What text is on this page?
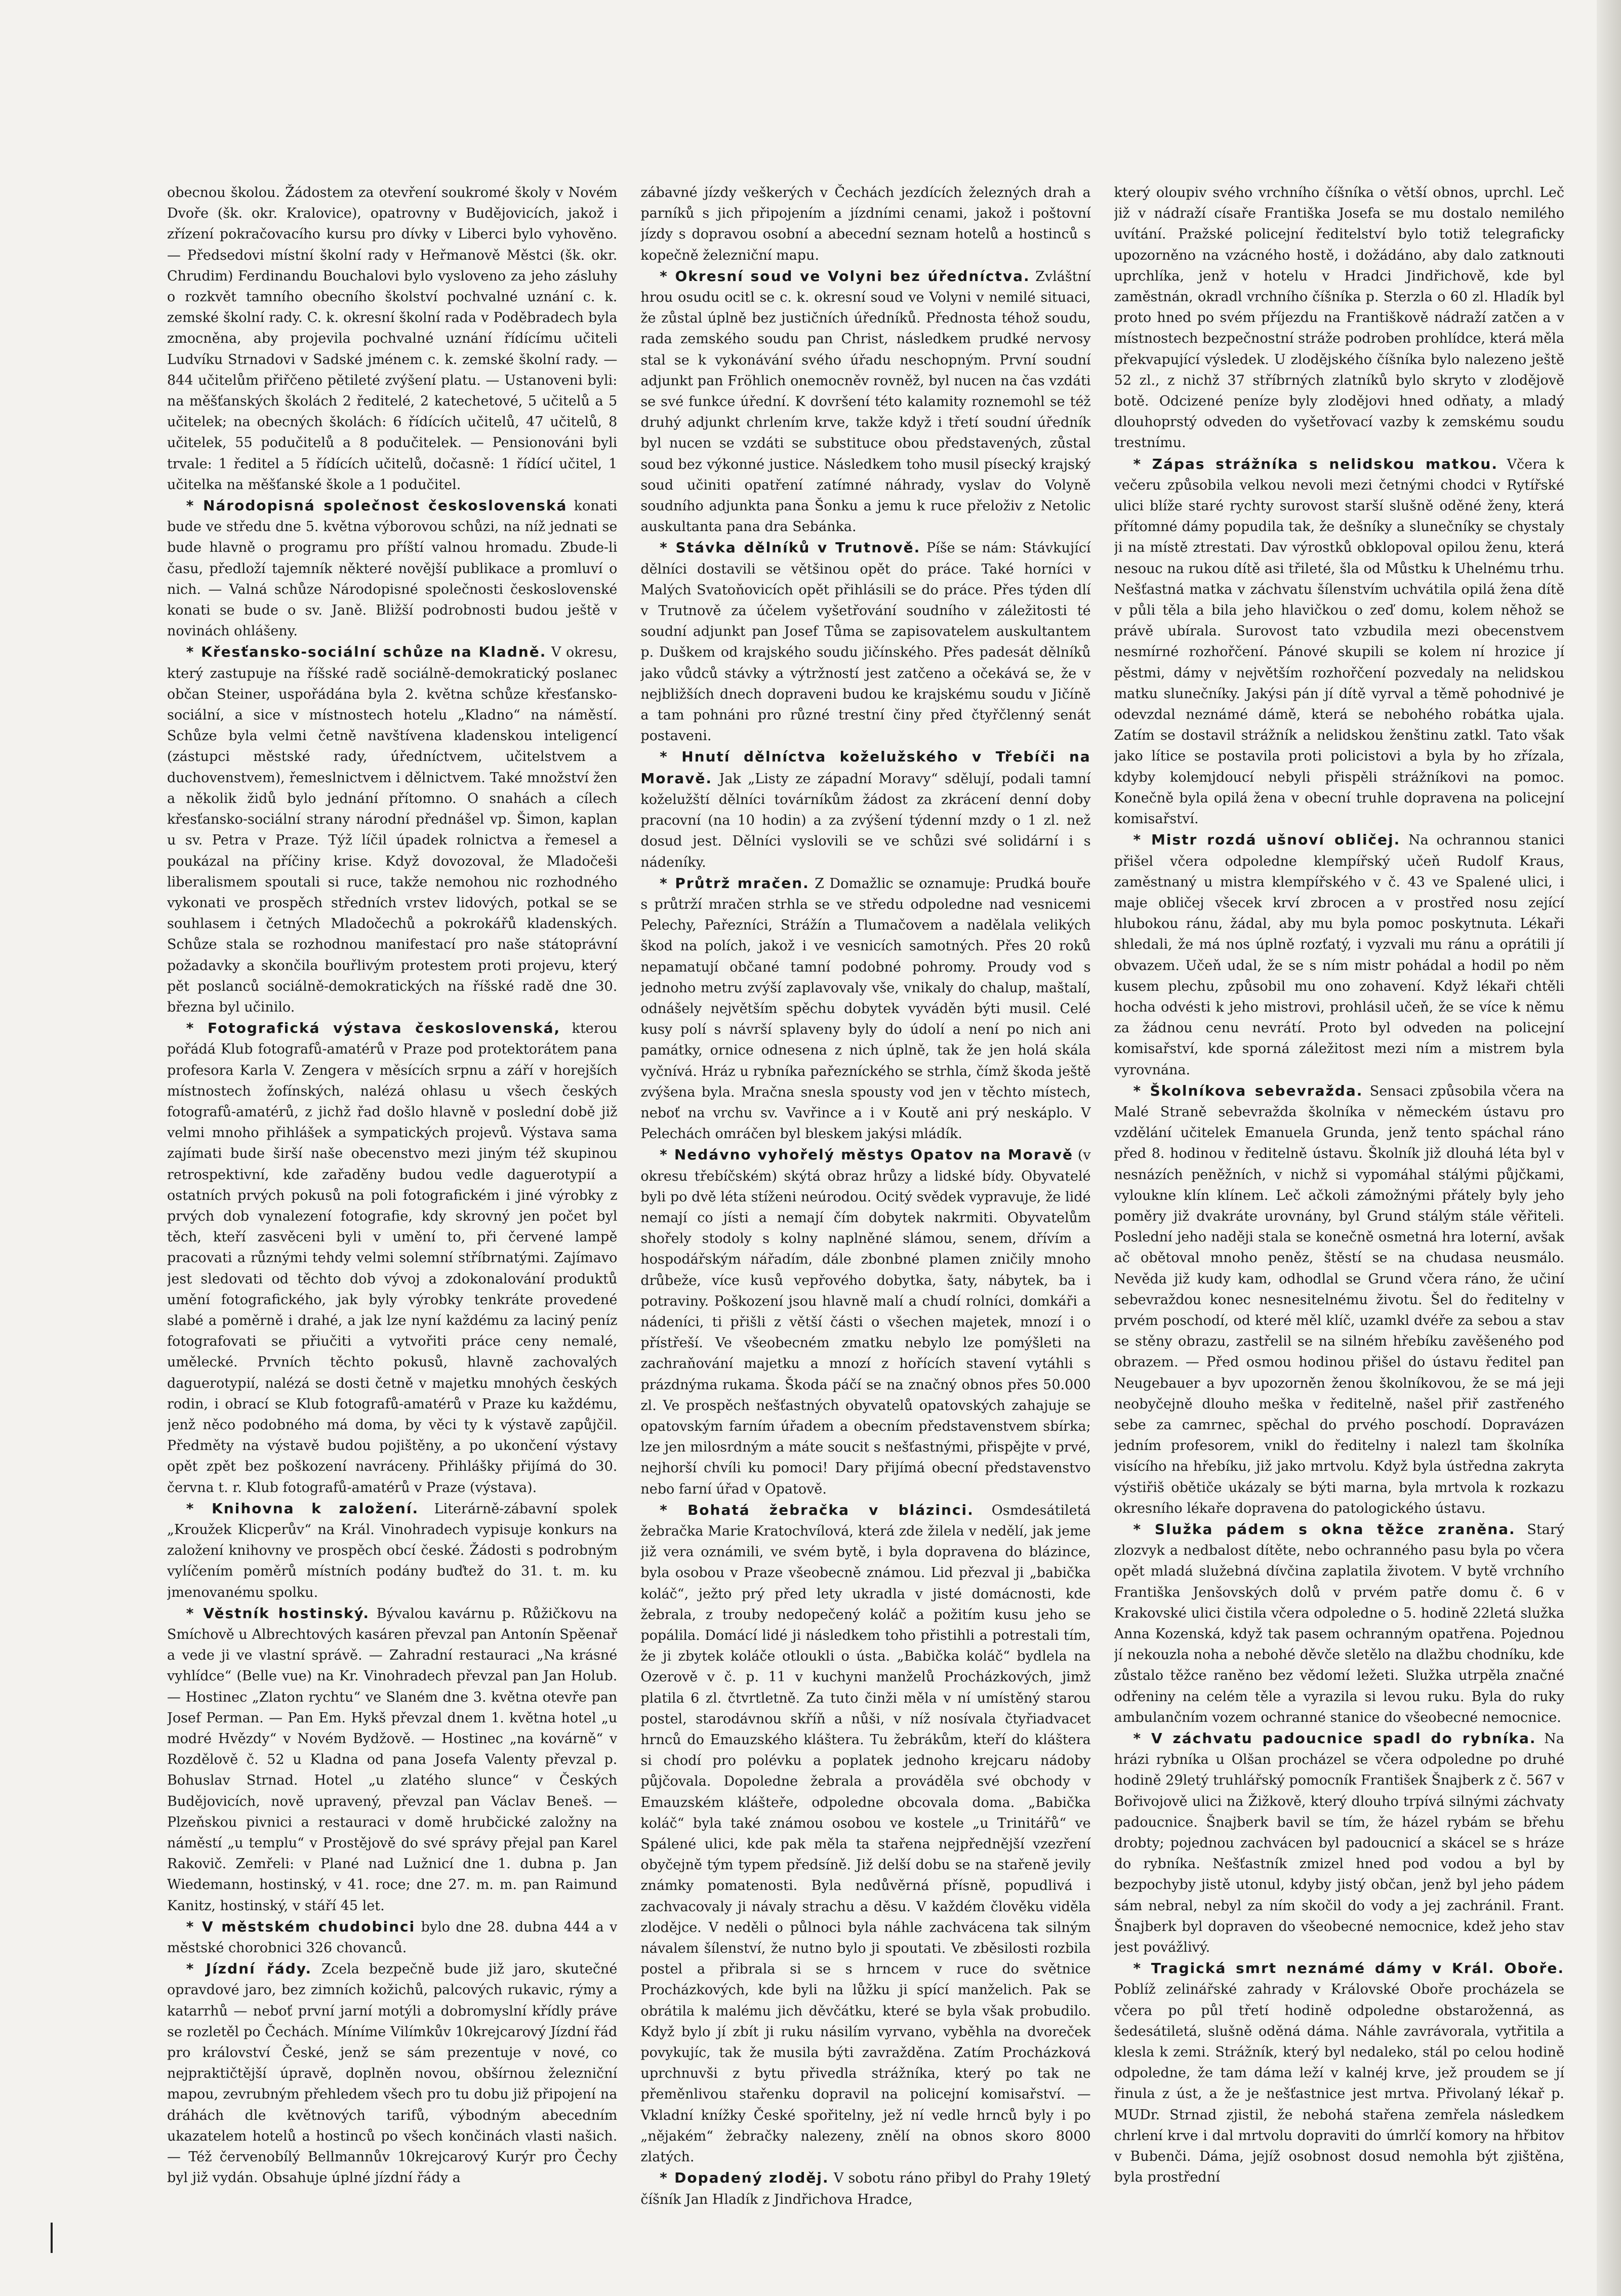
obecnou školou. Žádostem za otevření soukromé školy v Novém Dvoře (šk. okr. Kralovice), opatrovny v Budějovicích, jakož i zřízení pokračovacího kursu pro dívky v Liberci bylo vyhověno. — Předsedovi místní školní rady v Heřmanově Městci (šk. okr. Chrudim) Ferdinandu Bouchalovi bylo vysloveno za jeho zásluhy o rozkvět tamního obecního školství pochvalné uznání c. k. zemské školní rady. C. k. okresní školní rada v Poděbradech byla zmocněna, aby projevila pochvalné uznání řídícímu učiteli Ludvíku Strnadovi v Sadské jménem c. k. zemské školní rady. — 844 učitelům přiřčeno pětileté zvýšení platu. — Ustanoveni byli: na měšťanských školách 2 ředitelé, 2 katechetové, 5 učitelů a 5 učitelek; na obecných školách: 6 řídících učitelů, 47 učitelů, 8 učitelek, 55 podučitelů a 8 podučitelek. — Pensionováni byli trvale: 1 ředitel a 5 řídících učitelů, dočasně: 1 řídící učitel, 1 učitelka na měšťanské škole a 1 podučitel.

* Národopisná společnost československá konati bude ve středu dne 5. května výborovou schůzi, na níž jednati se bude hlavně o programu pro příští valnou hromadu. Zbude-li času, předloží tajemník některé novější publikace a promluví o nich. — Valná schůze Národopisné společnosti československé konati se bude o sv. Janě. Bližší podrobnosti budou ještě v novinách ohlášeny.

* Křesťansko-sociální schůze na Kladně. V okresu, který zastupuje na říšské radě sociálně-demokratický poslanec občan Steiner, uspořádána byla 2. května schůze křesťansko-sociální, a sice v místnostech hotelu „Kladno“ na náměstí. Schůze byla velmi četně navštívena kladenskou inteligencí (zástupci městské rady, úředníctvem, učitelstvem a duchovenstvem), řemeslnictvem i dělnictvem. Také množství žen a několik židů bylo jednání přítomno. O snahách a cílech křesťansko-sociální strany národní přednášel vp. Šimon, kaplan u sv. Petra v Praze. Týž líčil úpadek rolnictva a řemesel a poukázal na příčiny krise. Když dovozoval, že Mladočeši liberalismem spoutali si ruce, takže nemohou nic rozhodného vykonati ve prospěch středních vrstev lidových, potkal se se souhlasem i četných Mladočechů a pokrokářů kladenských. Schůze stala se rozhodnou manifestací pro naše státoprávní požadavky a skončila bouřlivým protestem proti projevu, který pět poslanců sociálně-demokratických na říšské radě dne 30. března byl učinilo.

* Fotografická výstava československá, kterou pořádá Klub fotografů-amatérů v Praze pod protektorátem pana profesora Karla V. Zengera v měsících srpnu a září v horejších místnostech žofínských, nalézá ohlasu u všech českých fotografů-amatérů, z jichž řad došlo hlavně v poslední době již velmi mnoho přihlášek a sympatických projevů. Výstava sama zajímati bude širší naše obecenstvo mezi jiným též skupinou retrospektivní, kde zařaděny budou vedle daguerotypií a ostatních prvých pokusů na poli fotografickém i jiné výrobky z prvých dob vynalezení fotografie, kdy skrovný jen počet byl těch, kteří zasvěceni byli v umění to, při červené lampě pracovati a různými tehdy velmi solemní stříbrnatými. Zajímavo jest sledovati od těchto dob vývoj a zdokonalování produktů umění fotografického, jak byly výrobky tenkráte provedené slabé a poměrně i drahé, a jak lze nyní každému za laciný peníz fotografovati se přiučiti a vytvořiti práce ceny nemalé, umělecké. Prvních těchto pokusů, hlavně zachovalých daguerotypií, nalézá se dosti četně v majetku mnohých českých rodin, i obrací se Klub fotografů-amatérů v Praze ku každému, jenž něco podobného má doma, by věci ty k výstavě zapůjčil. Předměty na výstavě budou pojištěny, a po ukončení výstavy opět zpět bez poškození navráceny. Přihlášky přijímá do 30. června t. r. Klub fotografů-amatérů v Praze (výstava).

* Knihovna k založení. Literárně-zábavní spolek „Kroužek Klicperův“ na Král. Vinohradech vypisuje konkurs na založení knihovny ve prospěch obcí české. Žádosti s podrobným vylíčením poměrů místních podány buďtež do 31. t. m. ku jmenovanému spolku.

* Věstník hostinský. Bývalou kavárnu p. Růžičkovu na Smíchově u Albrechtových kasáren převzal pan Antonín Spěenař a vede ji ve vlastní správě. — Zahradní restauraci „Na krásné vyhlídce“ (Belle vue) na Kr. Vinohradech převzal pan Jan Holub. — Hostinec „Zlaton rychtu“ ve Slaném dne 3. května otevře pan Josef Perman. — Pan Em. Hykš převzal dnem 1. května hotel „u modré Hvězdy“ v Novém Bydžově. — Hostinec „na kovárně“ v Rozdělově č. 52 u Kladna od pana Josefa Valenty převzal p. Bohuslav Strnad. Hotel „u zlatého slunce“ v Českých Budějovicích, nově upravený, převzal pan Václav Beneš. — Plzeňskou pivnici a restauraci v domě hrubčické založny na náměstí „u templu“ v Prostějově do své správy přejal pan Karel Rakovič. Zemřeli: v Plané nad Lužnicí dne 1. dubna p. Jan Wiedemann, hostinský, v 41. roce; dne 27. m. m. pan Raimund Kanitz, hostinský, v stáří 45 let.

* V městském chudobinci bylo dne 28. dubna 444 a v městské chorobnici 326 chovanců.

* Jízdní řády. Zcela bezpečně bude již jaro, skutečné opravdové jaro, bez zimních kožichů, palcových rukavic, rýmy a katarrhů — neboť první jarní motýli a dobromyslní křídly práve se rozletěl po Čechách. Míníme Vilímkův 10krejcarový Jízdní řád pro království České, jenž se sám prezentuje v nové, co nejpraktičtější úpravě, doplněn novou, obšírnou železniční mapou, zevrubným přehledem všech pro tu dobu již připojení na dráhách dle květnových tarifů, výbodným abecedním ukazatelem hotelů a hostinců po všech končinách vlasti našich. — Též červenobílý Bellmannův 10krejcarový Kurýr pro Čechy byl již vydán. Obsahuje úplné jízdní řády a

zábavné jízdy veškerých v Čechách jezdících železných drah a parníků s jich připojením a jízdními cenami, jakož i poštovní jízdy s dopravou osobní a abecední seznam hotelů a hostinců s kopečně železniční mapu.

* Okresní soud ve Volyni bez úředníctva. Zvláštní hrou osudu ocitl se c. k. okresní soud ve Volyni v nemilé situaci, že zůstal úplně bez justičních úředníků. Přednosta téhož soudu, rada zemského soudu pan Christ, následkem prudké nervosy stal se k vykonávání svého úřadu neschopným. První soudní adjunkt pan Fröhlich onemocněv rovněž, byl nucen na čas vzdáti se své funkce úřední. K dovršení této kalamity roznemohl se též druhý adjunkt chrlením krve, takže když i třetí soudní úředník byl nucen se vzdáti se substituce obou představených, zůstal soud bez výkonné justice. Následkem toho musil písecký krajský soud učiniti opatření zatímné náhrady, vyslav do Volyně soudního adjunkta pana Šonku a jemu k ruce přeloživ z Netolic auskultanta pana dra Sebánka.

* Stávka dělníků v Trutnově. Píše se nám: Stávkující dělníci dostavili se většinou opět do práce. Také horníci v Malých Svatoňovicích opět přihlásili se do práce. Přes týden dlí v Trutnově za účelem vyšetřování soudního v záležitosti té soudní adjunkt pan Josef Tůma se zapisovatelem auskultantem p. Duškem od krajského soudu jičínského. Přes padesát dělníků jako vůdců stávky a výtržností jest zatčeno a očekává se, že v nejbližších dnech dopraveni budou ke krajskému soudu v Jičíně a tam pohnáni pro různé trestní činy před čtyřčlenný senát postaveni.

* Hnutí dělníctva koželužského v Třebíči na Moravě. Jak „Listy ze západní Moravy“ sdělují, podali tamní koželužští dělníci továrníkům žádost za zkrácení denní doby pracovní (na 10 hodin) a za zvýšení týdenní mzdy o 1 zl. než dosud jest. Dělníci vyslovili se ve schůzi své solidární i s nádeníky.

* Průtrž mračen. Z Domažlic se oznamuje: Prudká bouře s průtrží mračen strhla se ve středu odpoledne nad vesnicemi Pelechy, Pařezníci, Strážín a Tlumačovem a nadělala velikých škod na polích, jakož i ve vesnicích samotných. Přes 20 roků nepamatují občané tamní podobné pohromy. Proudy vod s jednoho metru zvýší zaplavovaly vše, vnikaly do chalup, maštalí, odnášely největším spěchu dobytek vyváděn býti musil. Celé kusy polí s návrší splaveny byly do údolí a není po nich ani památky, ornice odnesena z nich úplně, tak že jen holá skála vyčnívá. Hráz u rybníka pařezníckého se strhla, čímž škoda ještě zvýšena byla. Mračna snesla spousty vod jen v těchto místech, neboť na vrchu sv. Vavřince a i v Koutě ani prý neskáplo. V Pelechách omráčen byl bleskem jakýsi mládík.

* Nedávno vyhořelý městys Opatov na Moravě (v okresu třebíčském) skýtá obraz hrůzy a lidské bídy. Obyvatelé byli po dvě léta stíženi neúrodou. Ocitý svědek vypravuje, že lidé nemají co jísti a nemají čím dobytek nakrmiti. Obyvatelům shořely stodoly s kolny naplněné slámou, senem, dřívím a hospodářským nářadím, dále zbonbné plamen zničily mnoho drůbeže, více kusů vepřového dobytka, šaty, nábytek, ba i potraviny. Poškození jsou hlavně malí a chudí rolníci, domkáři a nádeníci, ti přišli z větší části o všechen majetek, mnozí i o přístřeší. Ve všeobecném zmatku nebylo lze pomýšleti na zachraňování majetku a mnozí z hořících stavení vytáhli s prázdnýma rukama. Škoda páčí se na značný obnos přes 50.000 zl. Ve prospěch nešťastných obyvatelů opatovských zahajuje se opatovským farním úřadem a obecním představenstvem sbírka; lze jen milosrdným a máte soucit s nešťastnými, přispějte v prvé, nejhorší chvíli ku pomoci! Dary přijímá obecní představenstvo nebo farní úřad v Opatově.

* Bohatá žebračka v blázinci. Osmdesátiletá žebračka Marie Kratochvílová, která zde žilela v nedělí, jak jeme již vera oznámili, ve svém bytě, i byla dopravena do blázince, byla osobou v Praze všeobecně známou. Lid přezval ji „babička koláč“, ježto prý před lety ukradla v jisté domácnosti, kde žebrala, z trouby nedopečený koláč a požitím kusu jeho se popálila. Domácí lidé ji následkem toho přistihli a potrestali tím, že ji zbytek koláče otloukli o ústa. „Babička koláč“ bydlela na Ozerově v č. p. 11 v kuchyni manželů Procházkových, jimž platila 6 zl. čtvrtletně. Za tuto činži měla v ní umístěný starou postel, starodávnou skříň a nůši, v níž nosívala čtyřiadvacet hrnců do Emauzského kláštera. Tu žebrákům, kteří do kláštera si chodí pro polévku a poplatek jednoho krejcaru nádoby půjčovala. Dopoledne žebrala a prováděla své obchody v Emauzském klášteře, odpoledne obcovala doma. „Babička koláč“ byla také známou osobou ve kostele „u Trinitářů“ ve Spálené ulici, kde pak měla ta stařena nejpřednější vzezření obyčejně tým typem předsíně. Již delší dobu se na stařeně jevily známky pomatenosti. Byla nedůvěrná přísně, popudlivá i zachvacovaly ji návaly strachu a děsu. V každém člověku viděla zlodějce. V neděli o půlnoci byla náhle zachvácena tak silným návalem šílenství, že nutno bylo ji spoutati. Ve zběsilosti rozbila postel a přibrala si se s hrncem v ruce do světnice Procházkových, kde byli na lůžku ji spící manželich. Pak se obrátila k malému jich děvčátku, které se byla však probudilo. Když bylo jí zbít ji ruku násilím vyrvano, vyběhla na dvoreček povykujíc, tak že musila býti zavražděna. Zatím Procházková uprchnuvši z bytu přivedla strážníka, který po tak ne přeměnlivou stařenku dopravil na policejní komisařství. — Vkladní knížky České spořitelny, jež ní vedle hrnců byly i po „nějakém“ žebračky nalezeny, znělí na obnos skoro 8000 zlatých.

* Dopadený zloděj. V sobotu ráno přibyl do Prahy 19letý číšník Jan Hladík z Jindřichova Hradce,

který oloupiv svého vrchního číšníka o větší obnos, uprchl. Leč již v nádraží císaře Františka Josefa se mu dostalo nemilého uvítání. Pražské policejní ředitelství bylo totiž telegraficky upozorněno na vzácného hostě, i dožádáno, aby dalo zatknouti uprchlíka, jenž v hotelu v Hradci Jindřichově, kde byl zaměstnán, okradl vrchního číšníka p. Sterzla o 60 zl. Hladík byl proto hned po svém příjezdu na Františkově nádraží zatčen a v místnostech bezpečnostní stráže podroben prohlídce, která měla překvapující výsledek. U zlodějského číšníka bylo nalezeno ještě 52 zl., z nichž 37 stříbrných zlatníků bylo skryto v zlodějově botě. Odcizené peníze byly zlodějovi hned odňaty, a mladý dlouhoprstý odveden do vyšetřovací vazby k zemskému soudu trestnímu.

* Zápas strážníka s nelidskou matkou. Včera k večeru způsobila velkou nevoli mezi četnými chodci v Rytířské ulici blíže staré rychty surovost starší slušně oděné ženy, která přítomné dámy popudila tak, že dešníky a slunečníky se chystaly ji na místě ztrestati. Dav výrostků obklopoval opilou ženu, která nesouc na rukou dítě asi třileté, šla od Můstku k Uhelnému trhu. Nešťastná matka v záchvatu šílenstvím uchvátila opilá žena dítě v půli těla a bila jeho hlavičkou o zeď domu, kolem něhož se právě ubírala. Surovost tato vzbudila mezi obecenstvem nesmírné rozhořčení. Pánové skupili se kolem ní hrozice jí pěstmi, dámy v největším rozhořčení pozvedaly na nelidskou matku slunečníky. Jakýsi pán jí dítě vyrval a těmě pohodnivé je odevzdal neznámé dámě, která se nebohého robátka ujala. Zatím se dostavil strážník a nelidskou ženštinu zatkl. Tato však jako lítice se postavila proti policistovi a byla by ho zřízala, kdyby kolemjdoucí nebyli přispěli strážníkovi na pomoc. Konečně byla opilá žena v obecní truhle dopravena na policejní komisařství.

* Mistr rozdá ušnoví obličej. Na ochrannou stanici přišel včera odpoledne klempířský učeň Rudolf Kraus, zaměstnaný u mistra klempířského v č. 43 ve Spalené ulici, i maje obličej všecek krví zbrocen a v prostřed nosu zející hlubokou ránu, žádal, aby mu byla pomoc poskytnuta. Lékaři shledali, že má nos úplně rozťatý, i vyzvali mu ránu a oprátili jí obvazem. Učeň udal, že se s ním mistr pohádal a hodil po něm kusem plechu, způsobil mu ono zohavení. Když lékaři chtěli hocha odvésti k jeho mistrovi, prohlásil učeň, že se více k němu za žádnou cenu nevrátí. Proto byl odveden na policejní komisařství, kde sporná záležitost mezi ním a mistrem byla vyrovnána.

* Školníkova sebevražda. Sensaci způsobila včera na Malé Straně sebevražda školníka v německém ústavu pro vzdělání učitelek Emanuela Grunda, jenž tento spáchal ráno před 8. hodinou v ředitelně ústavu. Školník již dlouhá léta byl v nesnázích peněžních, v nichž si vypomáhal stálými půjčkami, vyloukne klín klínem. Leč ačkoli zámožnými přátely byly jeho poměry již dvakráte urovnány, byl Grund stálým stále věřiteli. Poslední jeho naději stala se konečně osmetná hra loterní, avšak ač obětoval mnoho peněz, štěstí se na chudasa neusmálo. Nevěda již kudy kam, odhodlal se Grund včera ráno, že učiní sebevraždou konec nesnesitelnému životu. Šel do ředitelny v prvém poschodí, od které měl klíč, uzamkl dvéře za sebou a stav se stěny obrazu, zastřelil se na silném hřebíku zavěšeného pod obrazem. — Před osmou hodinou přišel do ústavu ředitel pan Neugebauer a byv upozorněn ženou školníkovou, že se má jeji neobyčejně dlouho meška v ředitelně, našel přiř zastřeného sebe za camrnec, spěchal do prvého poschodí. Dopravázen jedním profesorem, vnikl do ředitelny i nalezl tam školníka visícího na hřebíku, již jako mrtvolu. Když byla ústředna zakryta výstiřiš obětiče ukázaly se býti marna, byla mrtvola k rozkazu okresního lékaře dopravena do patologického ústavu.

* Služka pádem s okna těžce zraněna. Starý zlozvyk a nedbalost dítěte, nebo ochranného pasu byla po včera opět mladá služebná dívčina zaplatila životem. V bytě vrchního Františka Jenšovských dolů v prvém patře domu č. 6 v Krakovské ulici čistila včera odpoledne o 5. hodině 22letá služka Anna Kozenská, když tak pasem ochranným opatřena. Pojednou jí nekouzla noha a nebohé děvče sletělo na dlažbu chodníku, kde zůstalo těžce raněno bez vědomí ležeti. Služka utrpěla značné odřeniny na celém těle a vyrazila si levou ruku. Byla do ruky ambulančním vozem ochranné stanice do všeobecné nemocnice.

* V záchvatu padoucnice spadl do rybníka. Na hrázi rybníka u Olšan procházel se včera odpoledne po druhé hodině 29letý truhlářský pomocník František Šnajberk z č. 567 v Bořivojově ulici na Žižkově, který dlouho trpívá silnými záchvaty padoucnice. Šnajberk bavil se tím, že házel rybám se břehu drobty; pojednou zachvácen byl padoucnicí a skácel se s hráze do rybníka. Nešťastník zmizel hned pod vodou a byl by bezpochyby jistě utonul, kdyby jistý občan, jenž byl jeho pádem sám nebral, nebyl za ním skočil do vody a jej zachránil. Frant. Šnajberk byl dopraven do všeobecné nemocnice, kdež jeho stav jest povážlivý.

* Tragická smrt neznámé dámy v Král. Oboře. Poblíž zelinářské zahrady v Královské Oboře procházela se včera po půl třetí hodině odpoledne obstaroženná, as šedesátiletá, slušně oděná dáma. Náhle zavrávorala, vytřitila a klesla k zemi. Strážník, který byl nedaleko, stál po celou hodině odpoledne, že tam dáma leží v kalnéj krve, jež proudem se jí řinula z úst, a že je nešťastnice jest mrtva. Přivolaný lékař p. MUDr. Strnad zjistil, že nebohá stařena zemřela následkem chrlení krve i dal mrtvolu dopraviti do úmrlčí komory na hřbitov v Bubenči. Dáma, jejíž osobnost dosud nemohla být zjištěna, byla prostřední
